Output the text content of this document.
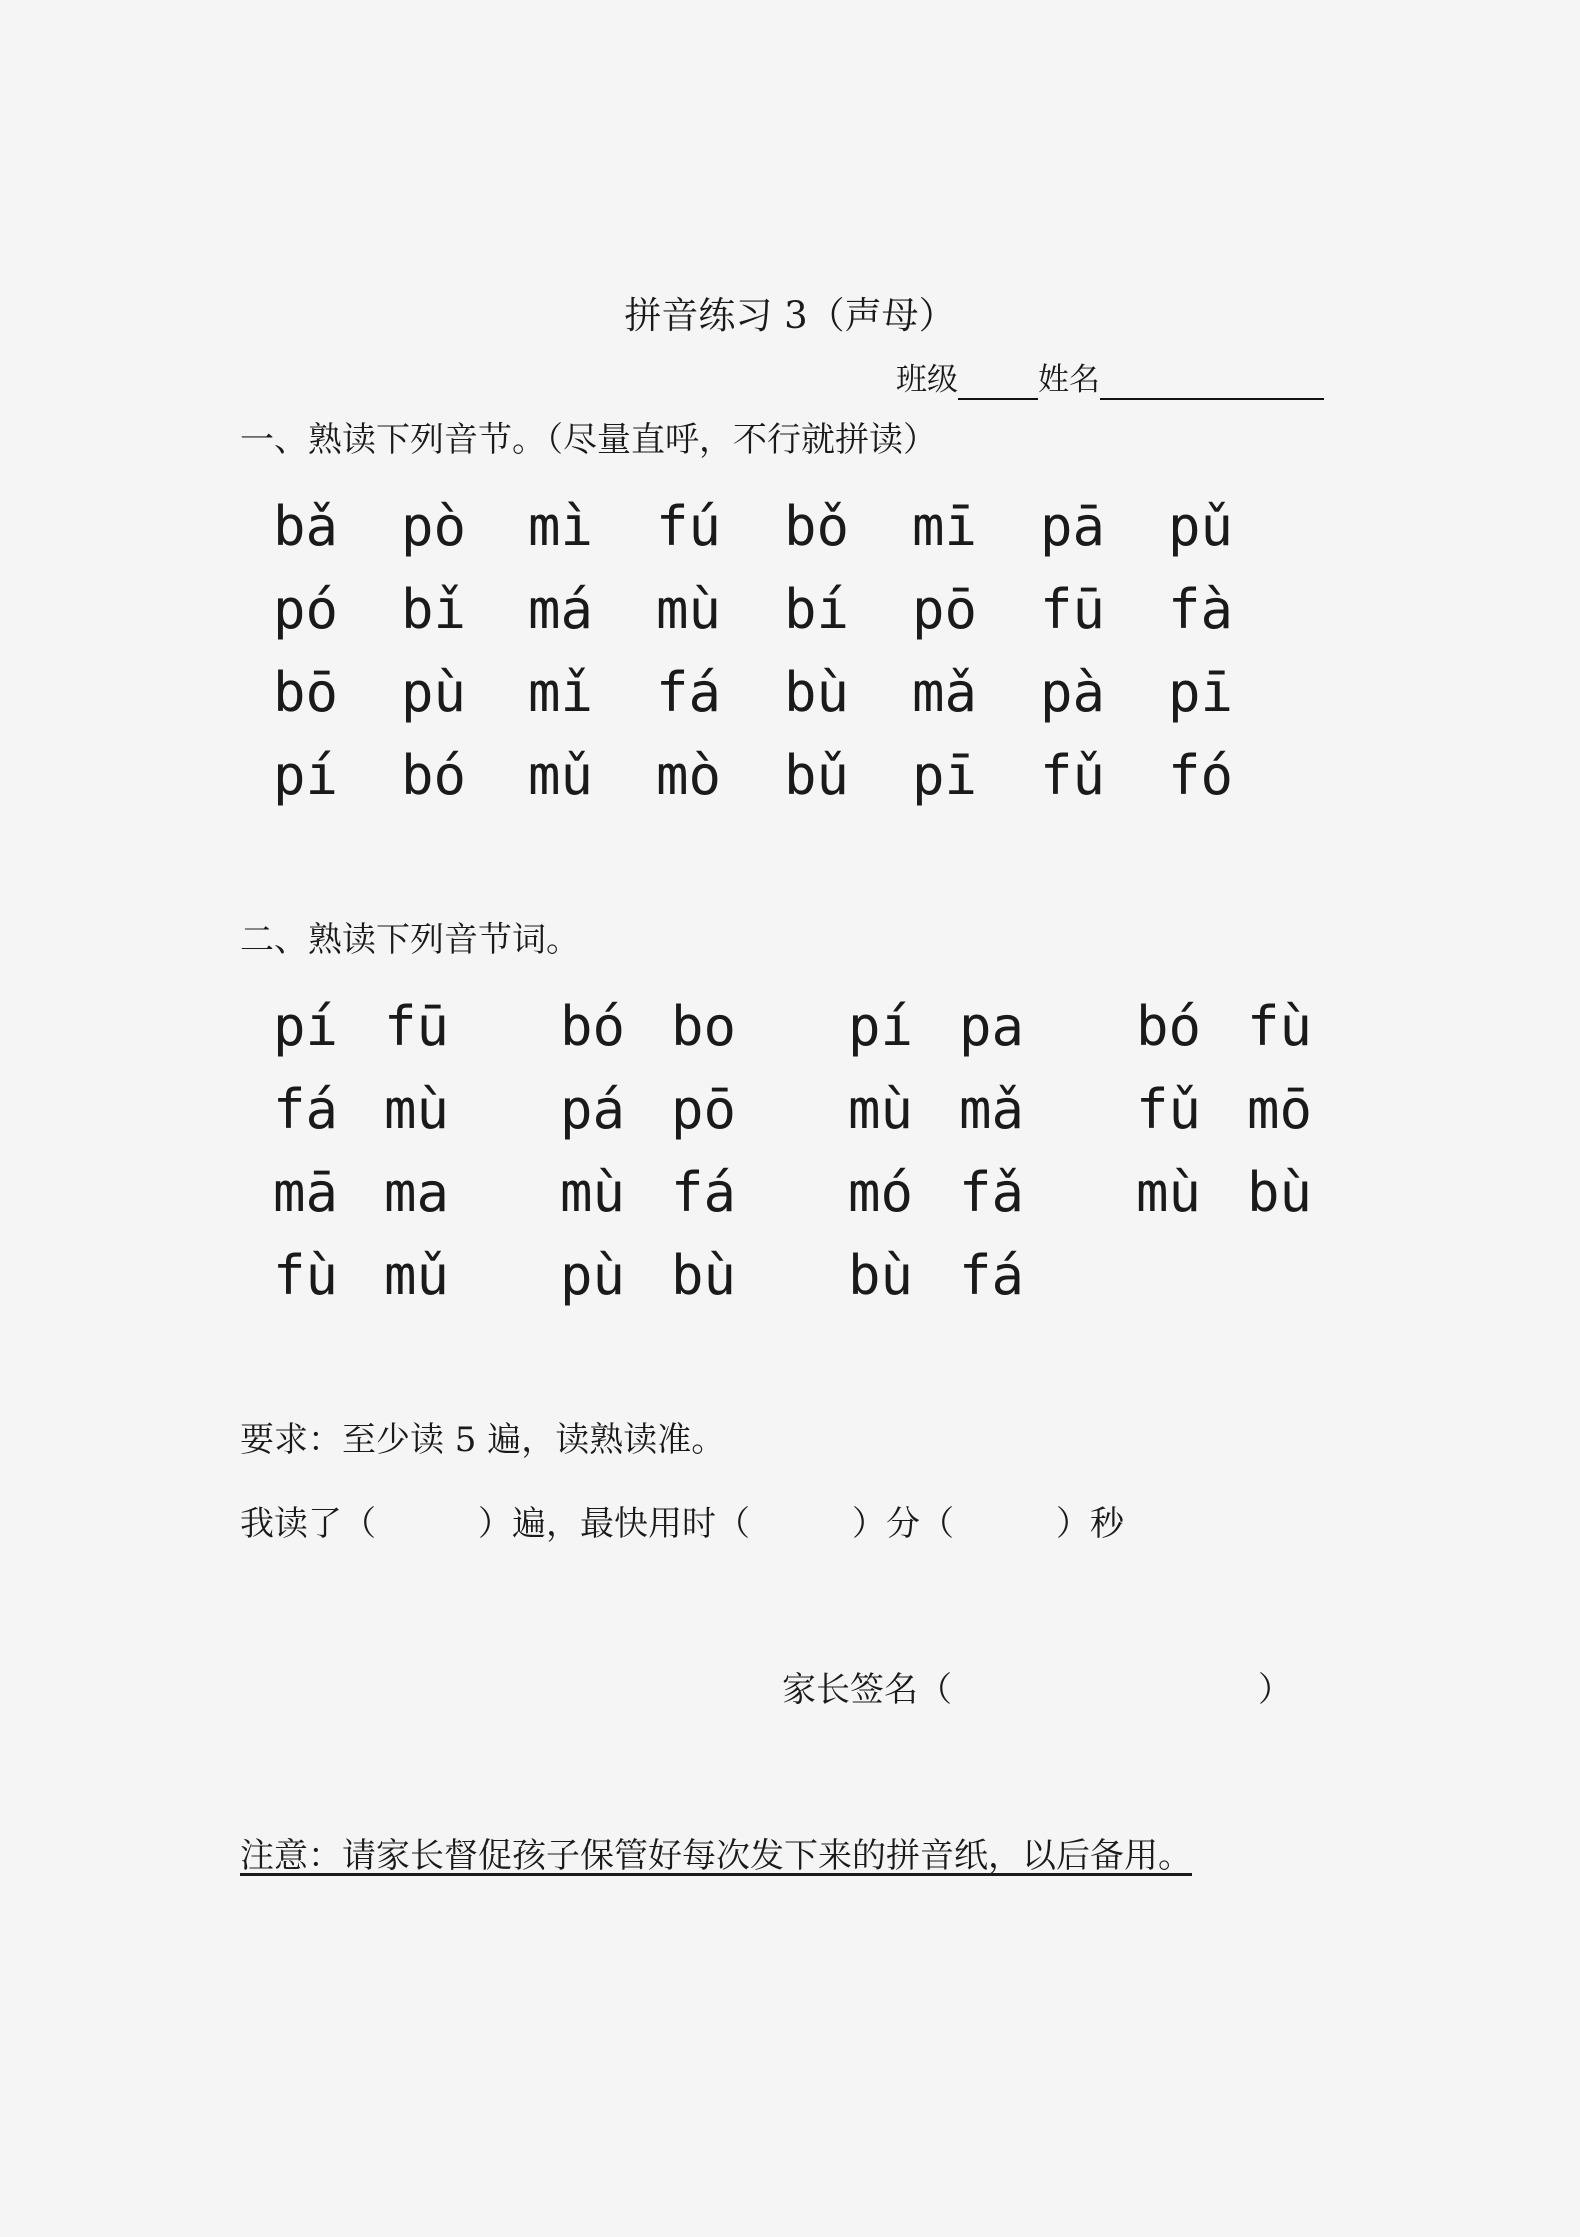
拼音练习 3（声母）
班级	姓名
一、熟读下列音节。（尽量直呼，不行就拼读）
bǎ pò mì fú bǒ mī pā pǔ
pó bǐ má mù bí pō fū fà
bō pù mǐ fá bù mǎ pà pī
pí bó mǔ mò bǔ pī fǔ fó
二、熟读下列音节词。
pí fū bó bo pí pa bó fù
fá mù pá pō mù mǎ fǔ mō
mā ma mù fá mó fǎ mù bù
fù mǔ pù bù bù fá
要求：至少读 5 遍，读熟读准。
我读了（　　　）遍，最快用时（　　　）分（　　　）秒
家长签名（　　　　　　　　　）
注意：请家长督促孩子保管好每次发下来的拼音纸，以后备用。
